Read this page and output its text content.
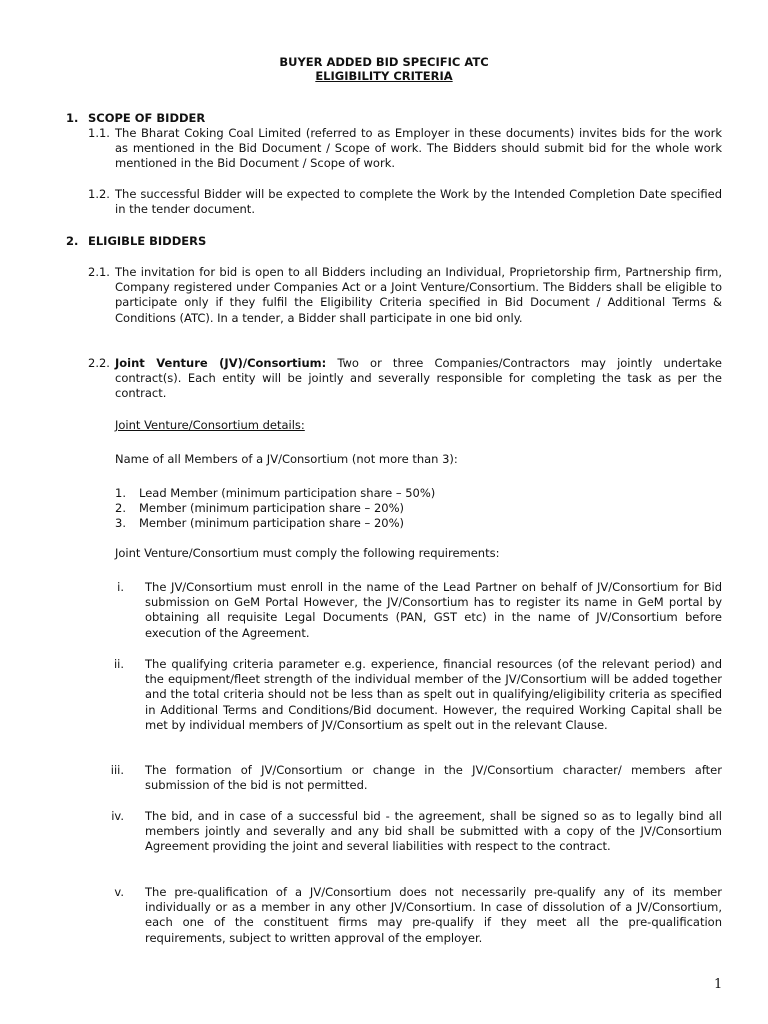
BUYER ADDED BID SPECIFIC ATC
ELIGIBILITY CRITERIA
1. SCOPE OF BIDDER
1.1. The Bharat Coking Coal Limited (referred to as Employer in these documents) invites bids for the work as mentioned in the Bid Document / Scope of work. The Bidders should submit bid for the whole work mentioned in the Bid Document / Scope of work.
1.2. The successful Bidder will be expected to complete the Work by the Intended Completion Date specified in the tender document.
2. ELIGIBLE BIDDERS
2.1. The invitation for bid is open to all Bidders including an Individual, Proprietorship firm, Partnership firm, Company registered under Companies Act or a Joint Venture/Consortium. The Bidders shall be eligible to participate only if they fulfil the Eligibility Criteria specified in Bid Document / Additional Terms & Conditions (ATC). In a tender, a Bidder shall participate in one bid only.
2.2. Joint Venture (JV)/Consortium: Two or three Companies/Contractors may jointly undertake contract(s). Each entity will be jointly and severally responsible for completing the task as per the contract.
Joint Venture/Consortium details:
Name of all Members of a JV/Consortium (not more than 3):
1. Lead Member (minimum participation share – 50%)
2. Member (minimum participation share – 20%)
3. Member (minimum participation share – 20%)
Joint Venture/Consortium must comply the following requirements:
i. The JV/Consortium must enroll in the name of the Lead Partner on behalf of JV/Consortium for Bid submission on GeM Portal However, the JV/Consortium has to register its name in GeM portal by obtaining all requisite Legal Documents (PAN, GST etc) in the name of JV/Consortium before execution of the Agreement.
ii. The qualifying criteria parameter e.g. experience, financial resources (of the relevant period) and the equipment/fleet strength of the individual member of the JV/Consortium will be added together and the total criteria should not be less than as spelt out in qualifying/eligibility criteria as specified in Additional Terms and Conditions/Bid document. However, the required Working Capital shall be met by individual members of JV/Consortium as spelt out in the relevant Clause.
iii. The formation of JV/Consortium or change in the JV/Consortium character/ members after submission of the bid is not permitted.
iv. The bid, and in case of a successful bid - the agreement, shall be signed so as to legally bind all members jointly and severally and any bid shall be submitted with a copy of the JV/Consortium Agreement providing the joint and several liabilities with respect to the contract.
v. The pre-qualification of a JV/Consortium does not necessarily pre-qualify any of its member individually or as a member in any other JV/Consortium. In case of dissolution of a JV/Consortium, each one of the constituent firms may pre-qualify if they meet all the pre-qualification requirements, subject to written approval of the employer.
1
